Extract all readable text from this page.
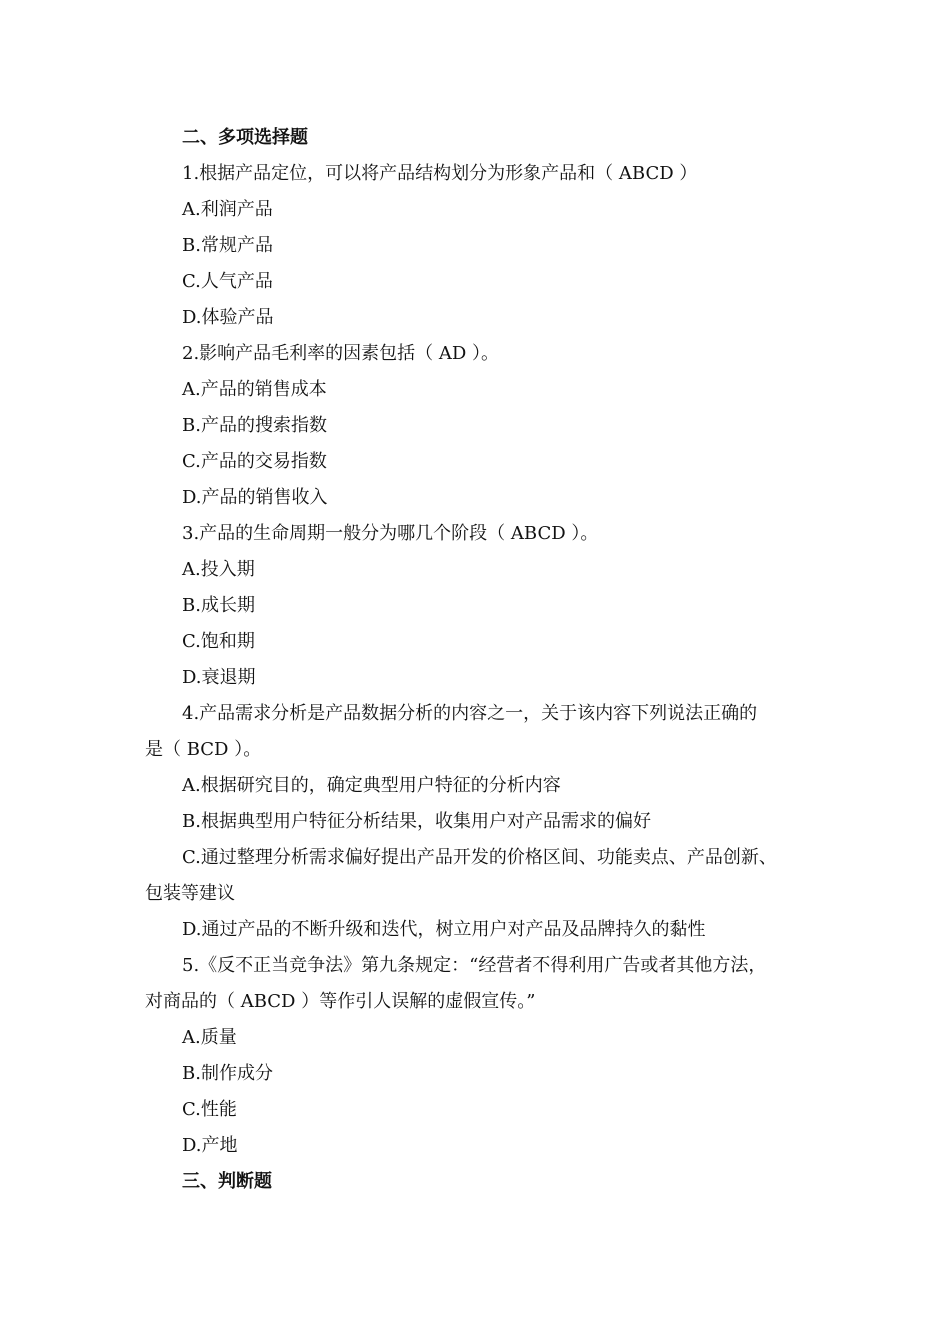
二、多项选择题
1.根据产品定位，可以将产品结构划分为形象产品和（ ABCD ）
A.利润产品
B.常规产品
C.人气产品
D.体验产品
2.影响产品毛利率的因素包括（ AD ）。
A.产品的销售成本
B.产品的搜索指数
C.产品的交易指数
D.产品的销售收入
3.产品的生命周期一般分为哪几个阶段（ ABCD ）。
A.投入期
B.成长期
C.饱和期
D.衰退期
4.产品需求分析是产品数据分析的内容之一，关于该内容下列说法正确的
是（ BCD ）。
A.根据研究目的，确定典型用户特征的分析内容
B.根据典型用户特征分析结果，收集用户对产品需求的偏好
C.通过整理分析需求偏好提出产品开发的价格区间、功能卖点、产品创新、
包装等建议
D.通过产品的不断升级和迭代，树立用户对产品及品牌持久的黏性
5.《反不正当竞争法》第九条规定：“经营者不得利用广告或者其他方法，
对商品的（ ABCD ）等作引人误解的虚假宣传。”
A.质量
B.制作成分
C.性能
D.产地
三、判断题
